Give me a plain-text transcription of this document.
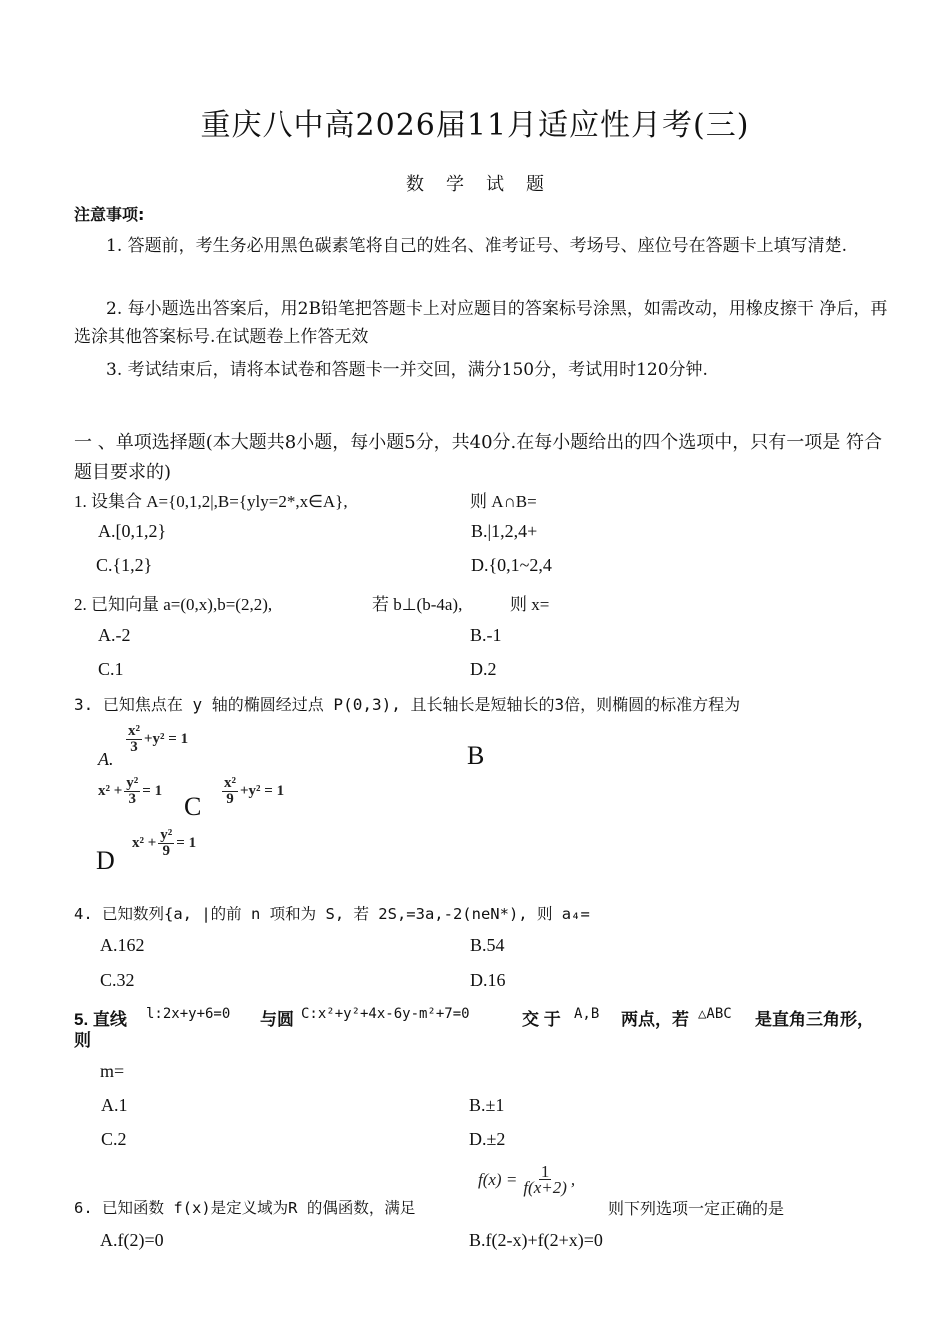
重庆八中高2026届11月适应性月考(三)
数学试题
注意事项:
1. 答题前，考生务必用黑色碳素笔将自己的姓名、准考证号、考场号、座位号在答题卡上填写清楚.
2. 每小题选出答案后，用2B铅笔把答题卡上对应题目的答案标号涂黑，如需改动，用橡皮擦干 净后，再选涂其他答案标号.在试题卷上作答无效
3. 考试结束后，请将本试卷和答题卡一并交回，满分150分，考试用时120分钟.
一 、单项选择题(本大题共8小题，每小题5分，共40分.在每小题给出的四个选项中，只有一项是 符合题目要求的)
1. 设集合 A={0,1,2|,B={yly=2*,x∈A},	则 A∩B=
A.[0,1,2}	B.|1,2,4+
C.{1,2}	D.{0,1~2,4
2. 已知向量 a=(0,x),b=(2,2),	若 b⊥(b-4a),	则 x=
A.-2	B.-1
C.1	D.2
3. 已知焦点在 y 轴的椭圆经过点 P(0,3), 且长轴长是短轴长的3倍，则椭圆的标准方程为
A.
$\frac{\text{x²}}{3} +y^2 = 1$
B
$x^2 + \frac{\text{y²}}{3} = 1$
C $\frac{\text{x²}}{9} +y^2 = 1$
D
$x^2 + \frac{\text{y²}}{9} = 1$
4. 已知数列{a, |的前 n 项和为 S, 若 2S,=3a,-2(neN*), 则 a₄=
A.162	B.54
C.32	D.16
5. 直线 l:2x+y+6=0 与圆 C:x²+y²+4x-6y-m²+7=0	交 于 A,B 两点，若 △ABC 是直角三角形，
则
m=
A.1	B.±1
C.2	D.±2
6. 已知函数 f(x)是定义域为R 的偶函数，满足
$f(x) = \frac{1}{f(x+2)}$ ,
则下列选项一定正确的是
A.f(2)=0	B.f(2-x)+f(2+x)=0
